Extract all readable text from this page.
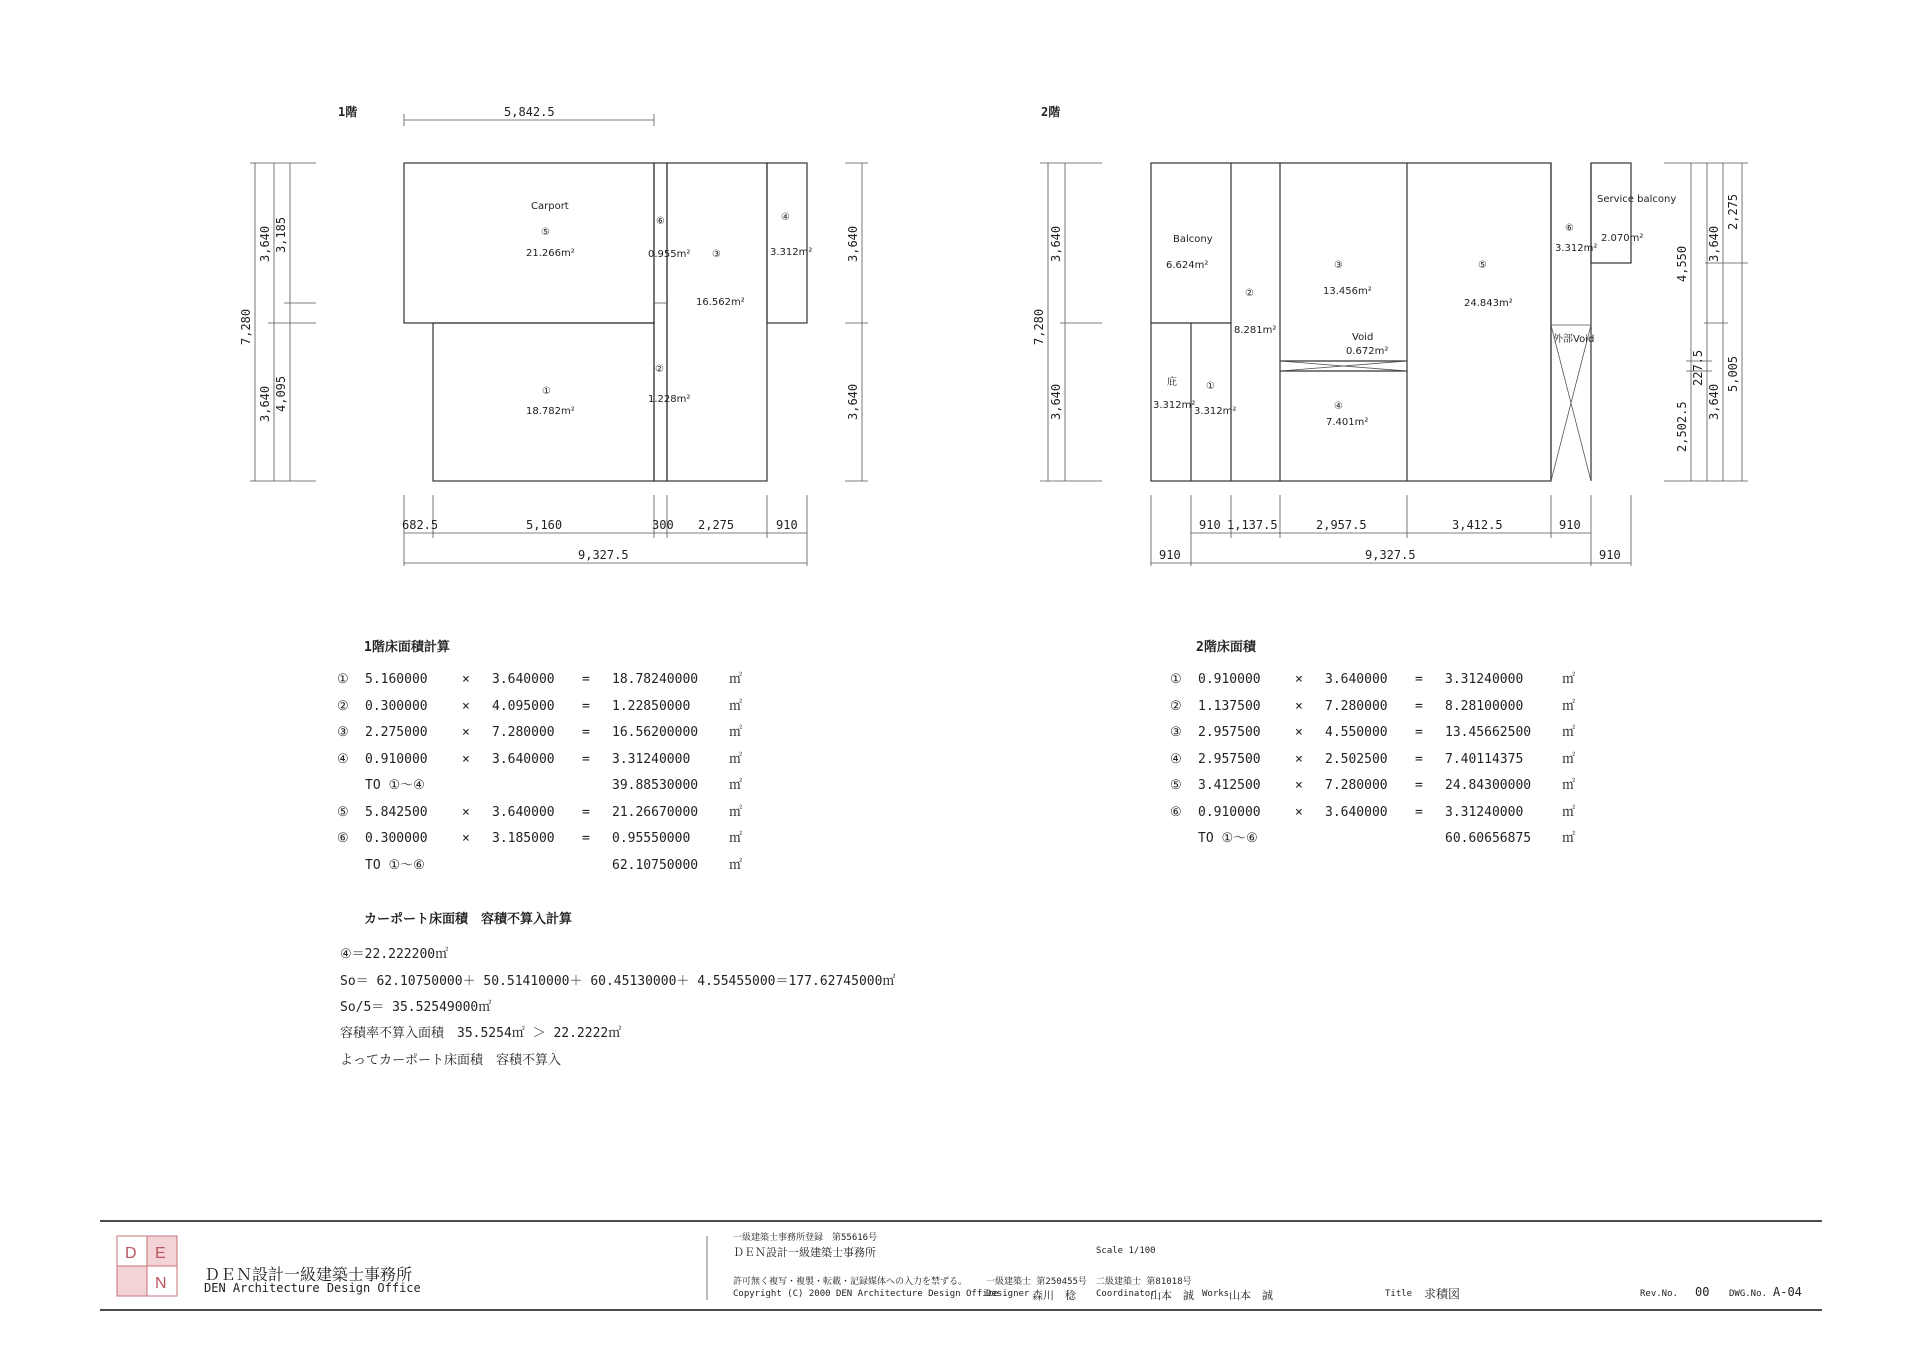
1階	5,842.5
7,280
3,640 3,185
3,640 4,095
3,640
3,640
682.5	5,160	300 2,275	910
9,327.5
Carport
⑤
21.266m²
⑥
0.955m² ③
16.562m²
④
3.312m²
①
18.782m²
②
1.228m²
2階
7,280
3,640
3,640
4,550
3,640
2,275
2,502.5
227.5
3,640
5,005
910 1,137.5	2,957.5	3,412.5	910
910	9,327.5	910
Balcony
6.624m²
②
8.281m²
③
13.456m²
⑤
24.843m²
⑥
3.312m²
Service balcony
2.070m²
Void
0.672m²
④
7.401m²
庇
3.312m²
①
3.312m²
外部Void
D E
N
1階床面積計算
① 5.160000	× 3.640000 = 18.78240000 ㎡
② 0.300000	× 4.095000 = 1.22850000	㎡
③ 2.275000	× 7.280000 = 16.56200000 ㎡
④ 0.910000	× 3.640000 = 3.31240000	㎡
TO ①～④	39.88530000 ㎡
⑤ 5.842500	× 3.640000 = 21.26670000 ㎡
⑥ 0.300000	× 3.185000 = 0.95550000	㎡
TO ①～⑥	62.10750000 ㎡
2階床面積
① 0.910000	× 3.640000 = 3.31240000	㎡
② 1.137500	× 7.280000 = 8.28100000	㎡
③ 2.957500	× 4.550000 = 13.45662500 ㎡
④ 2.957500	× 2.502500 = 7.40114375	㎡
⑤ 3.412500	× 7.280000 = 24.84300000 ㎡
⑥ 0.910000	× 3.640000 = 3.31240000	㎡
TO ①～⑥	60.60656875 ㎡
カーポート床面積　容積不算入計算
④＝22.222200㎡
So＝ 62.10750000＋ 50.51410000＋ 60.45130000＋ 4.55455000＝177.62745000㎡
So/5＝ 35.52549000㎡
容積率不算入面積　35.5254㎡ ＞ 22.2222㎡
よってカーポート床面積　容積不算入
ＤＥＮ設計一級建築士事務所
DEN Architecture Design Office
一級建築士事務所登録　第55616号
ＤＥＮ設計一級建築士事務所	Scale 1/100
許可無く複写・複製・転載・記録媒体への入力を禁ずる。
Copyright (C) 2000 DEN Architecture Design Office
一級建築士 第250455号
Designer 森川　稔
二級建築士 第81018号
Coordinator
山本　誠 Works 山本　誠	Title 求積図	Rev.No. 00 DWG.No. A-04
